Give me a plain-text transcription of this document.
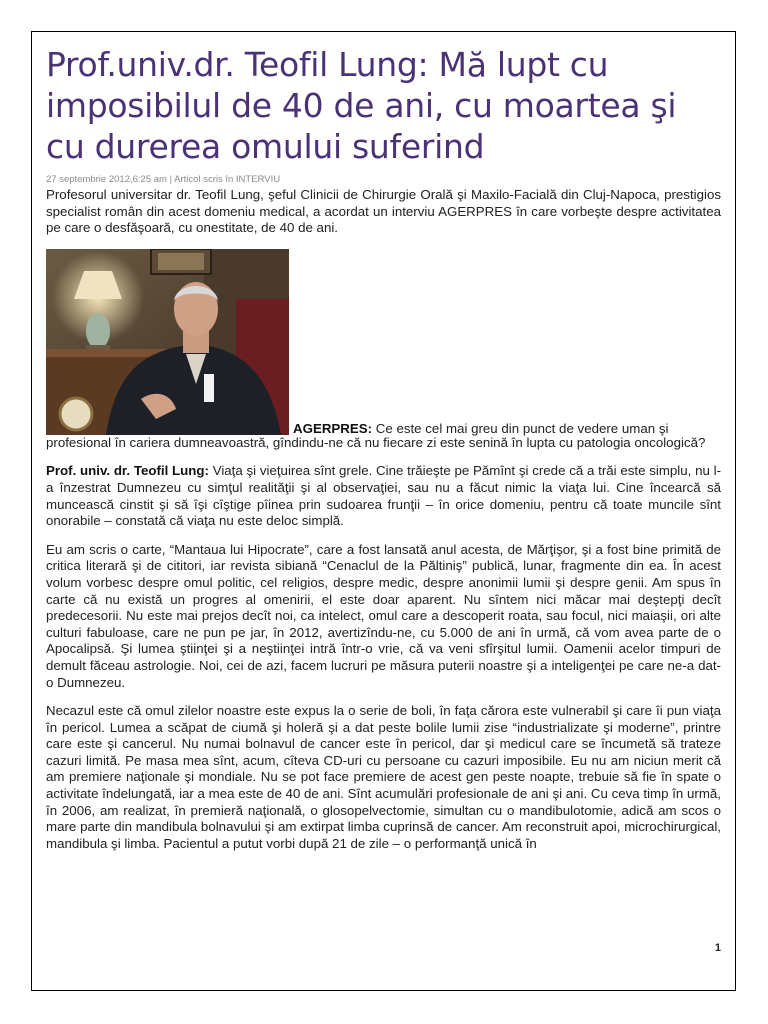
Prof.univ.dr. Teofil Lung: Mă lupt cu imposibilul de 40 de ani, cu moartea şi cu durerea omului suferind
27 septembrie 2012,6:25 am | Articol scris în INTERVIU

Profesorul universitar dr. Teofil Lung, şeful Clinicii de Chirurgie Orală şi Maxilo-Facială din Cluj-Napoca, prestigios specialist român din acest domeniu medical, a acordat un interviu AGERPRES în care vorbeşte despre activitatea pe care o desfăşoară, cu onestitate, de 40 de ani.

AGERPRES: Ce este cel mai greu din punct de vedere uman şi

profesional în cariera dumneavoastră, gîndindu-ne că nu fiecare zi este senină în lupta cu patologia oncologică?

Prof. univ. dr. Teofil Lung: Viaţa şi vieţuirea sînt grele. Cine trăieşte pe Pămînt şi crede că a trăi este simplu, nu l-a înzestrat Dumnezeu cu simţul realităţii şi al observaţiei, sau nu a făcut nimic la viaţa lui. Cine încearcă să muncească cinstit şi să îşi cîştige pîinea prin sudoarea frunţii – în orice domeniu, pentru că toate muncile sînt onorabile – constată că viaţa nu este deloc simplă.

Eu am scris o carte, “Mantaua lui Hipocrate”, care a fost lansată anul acesta, de Mărţişor, şi a fost bine primită de critica literară şi de cititori, iar revista sibiană “Cenaclul de la Păltiniş” publică, lunar, fragmente din ea. În acest volum vorbesc despre omul politic, cel religios, despre medic, despre anonimii lumii şi despre genii. Am spus în carte că nu există un progres al omenirii, el este doar aparent. Nu sîntem nici măcar mai deştepţi decît predecesorii. Nu este mai prejos decît noi, ca intelect, omul care a descoperit roata, sau focul, nici maiaşii, ori alte culturi fabuloase, care ne pun pe jar, în 2012, avertizîndu-ne, cu 5.000 de ani în urmă, că vom avea parte de o Apocalipsă. Şi lumea ştiinţei şi a neştiinţei intră într-o vrie, că va veni sfîrşitul lumii. Oamenii acelor timpuri de demult făceau astrologie. Noi, cei de azi, facem lucruri pe măsura puterii noastre şi a inteligenţei pe care ne-a dat-o Dumnezeu.

Necazul este că omul zilelor noastre este expus la o serie de boli, în faţa cărora este vulnerabil şi care îi pun viaţa în pericol. Lumea a scăpat de ciumă şi holeră şi a dat peste bolile lumii zise “industrializate şi moderne”, printre care este şi cancerul. Nu numai bolnavul de cancer este în pericol, dar şi medicul care se încumetă să trateze cazuri limită. Pe masa mea sînt, acum, cîteva CD-uri cu persoane cu cazuri imposibile. Eu nu am niciun merit că am premiere naţionale şi mondiale. Nu se pot face premiere de acest gen peste noapte, trebuie să fie în spate o activitate îndelungată, iar a mea este de 40 de ani. Sînt acumulări profesionale de ani şi ani. Cu ceva timp în urmă, în 2006, am realizat, în premieră naţională, o glosopelvectomie, simultan cu o mandibulotomie, adică am scos o mare parte din mandibula bolnavului şi am extirpat limba cuprinsă de cancer. Am reconstruit apoi, microchirurgical, mandibula şi limba. Pacientul a putut vorbi după 21 de zile – o performanţă unică în

1
